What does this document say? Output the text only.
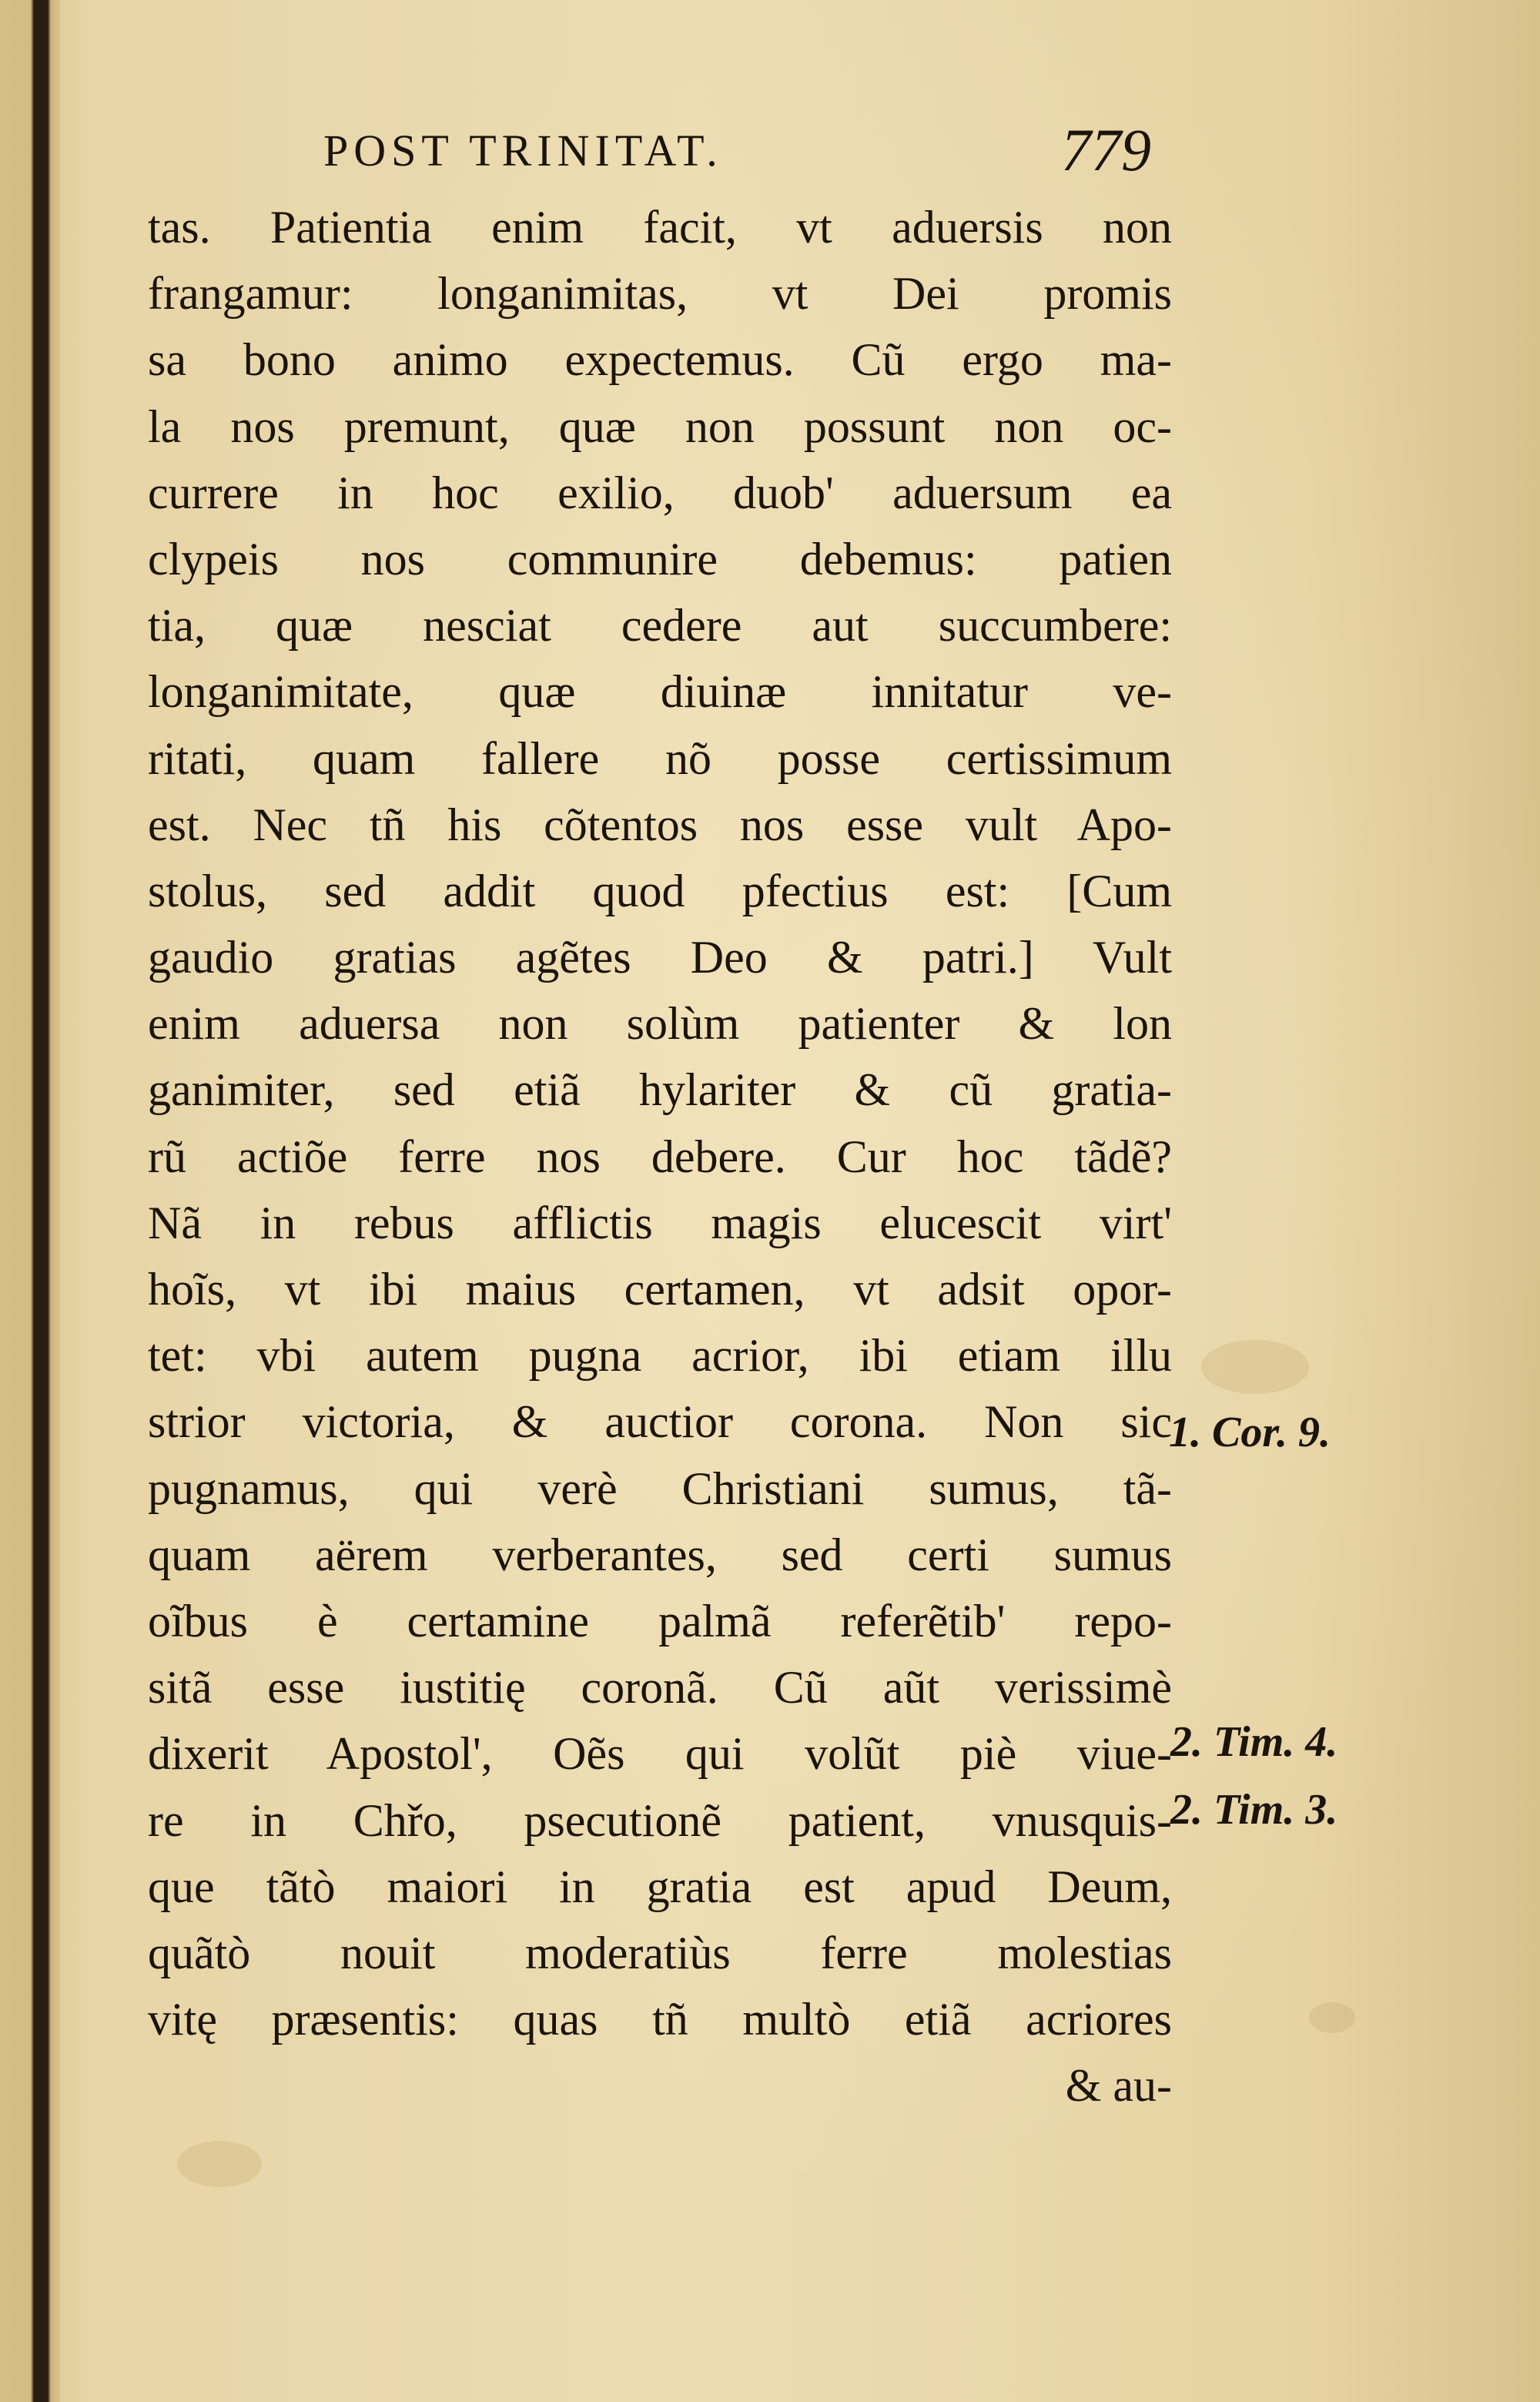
POST TRINITAT.	779
tas. Patientia enim facit, vt aduersis non
frangamur: longanimitas, vt Dei promis
sa bono animo expectemus. Cũ ergo ma-
la nos premunt, quæ non possunt non oc-
currere in hoc exilio, duob' aduersum ea
clypeis nos communire debemus: patien
tia, quæ nesciat cedere aut succumbere:
longanimitate, quæ diuinæ innitatur ve-
ritati, quam fallere nõ posse certissimum
est. Nec tñ his cõtentos nos esse vult Apo-
stolus, sed addit quod pfectius est: [Cum
gaudio gratias agẽtes Deo & patri.] Vult
enim aduersa non solùm patienter & lon
ganimiter, sed etiã hylariter & cũ gratia-
rũ actiõe ferre nos debere. Cur hoc tãdẽ?
Nã in rebus afflictis magis elucescit virt'
hoĩs, vt ibi maius certamen, vt adsit opor-
tet: vbi autem pugna acrior, ibi etiam illu
strior victoria, & auctior corona. Non sic
pugnamus, qui verè Christiani sumus, tã-
quam aërem verberantes, sed certi sumus
oĩbus è certamine palmã referẽtib' repo-
sitã esse iustitię coronã. Cũ aũt verissimè
dixerit Apostol', Oẽs qui volũt piè viue-
re in Chřo, psecutionẽ patient, vnusquis-
que tãtò maiori in gratia est apud Deum,
quãtò nouit moderatiùs ferre molestias
vitę præsentis: quas tñ multò etiã acriores
& au-
1. Cor. 9.
2. Tim. 4.
2. Tim. 3.
